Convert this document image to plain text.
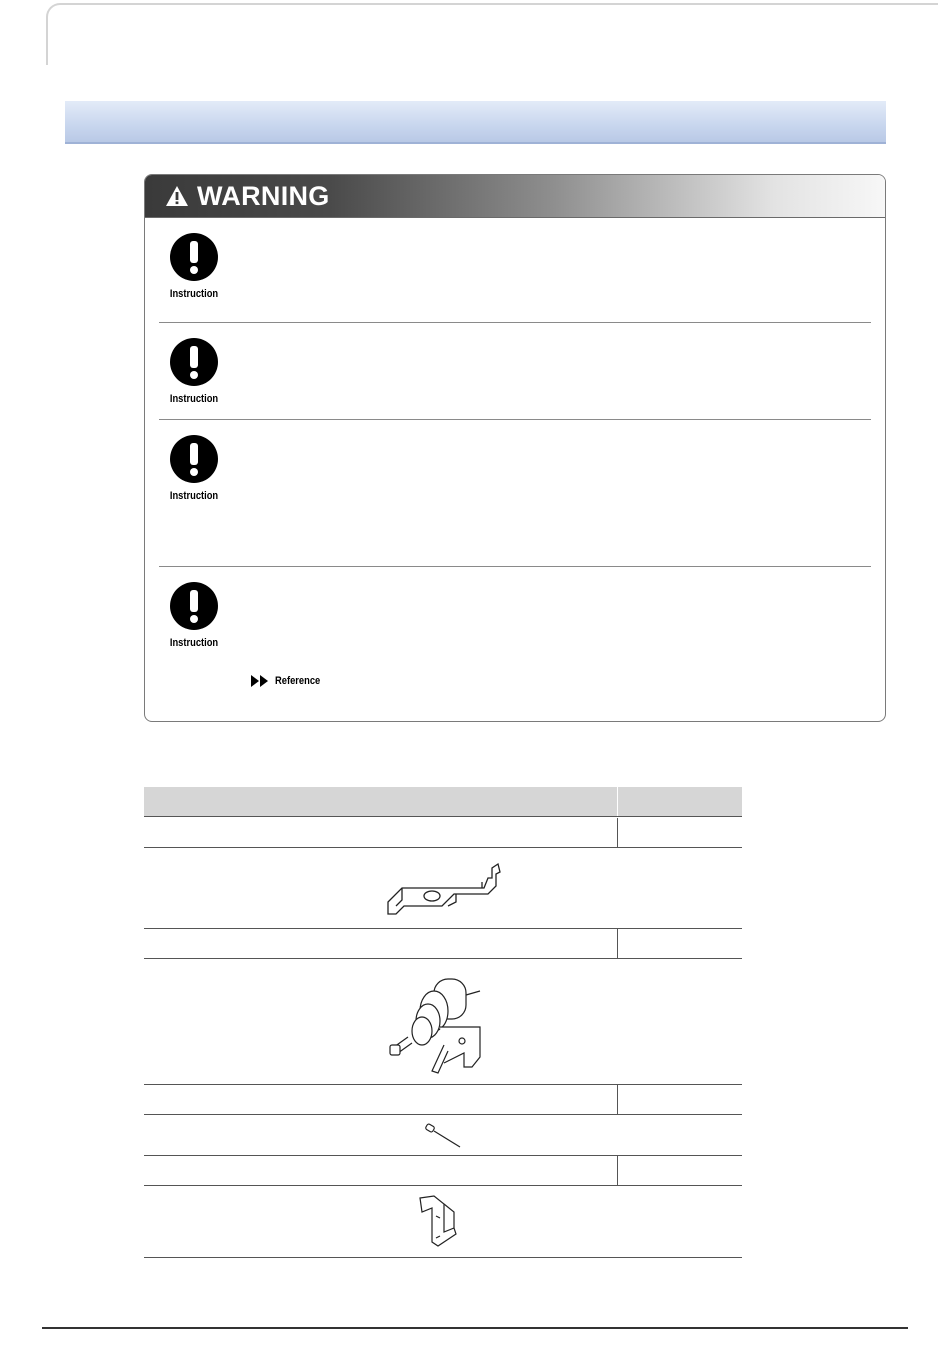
WARNING
Instruction
Instruction
Instruction
Instruction
Reference
